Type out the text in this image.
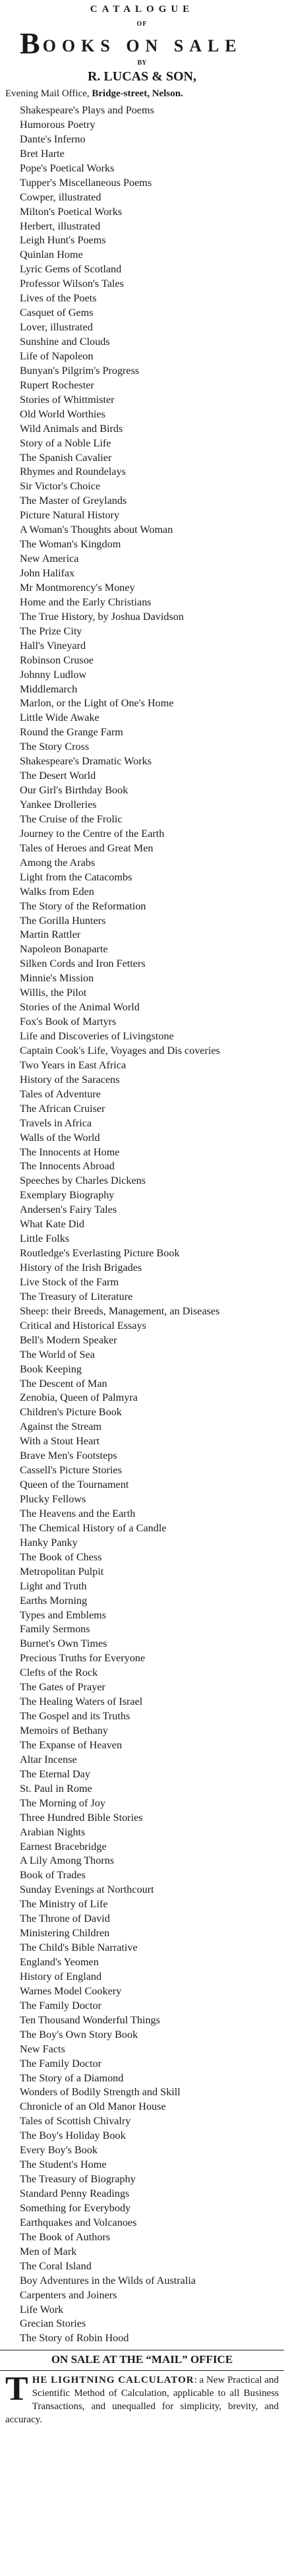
CATALOGUE
OF
B OOKS ON SALE
BY
R. LUCAS & SON,
Evening Mail Office, Bridge-street, Nelson.
Shakespeare's Plays and Poems
Humorous Poetry
Dante's Inferno
Bret Harte
Pope's Poetical Works
Tupper's Miscellaneous Poems
Cowper, illustrated
Milton's Poetical Works
Herbert, illustrated
Leigh Hunt's Poems
Quinlan Home
Lyric Gems of Scotland
Professor Wilson's Tales
Lives of the Poets
Casquet of Gems
Lover, illustrated
Sunshine and Clouds
Life of Napoleon
Bunyan's Pilgrim's Progress
Rupert Rochester
Stories of Whittmister
Old World Worthies
Wild Animals and Birds
Story of a Noble Life
The Spanish Cavalier
Rhymes and Roundelays
Sir Victor's Choice
The Master of Greylands
Picture Natural History
A Woman's Thoughts about Woman
The Woman's Kingdom
New America
John Halifax
Mr Montmorency's Money
Home and the Early Christians
The True History, by Joshua Davidson
The Prize City
Hall's Vineyard
Robinson Crusoe
Johnny Ludlow
Middlemarch
Marlon, or the Light of One's Home
Little Wide Awake
Round the Grange Farm
The Story Cross
Shakespeare's Dramatic Works
The Desert World
Our Girl's Birthday Book
Yankee Drolleries
The Cruise of the Frolic
Journey to the Centre of the Earth
Tales of Heroes and Great Men
Among the Arabs
Light from the Catacombs
Walks from Eden
The Story of the Reformation
The Gorilla Hunters
Martin Rattler
Napoleon Bonaparte
Silken Cords and Iron Fetters
Minnie's Mission
Willis, the Pilot
Stories of the Animal World
Fox's Book of Martyrs
Life and Discoveries of Livingstone
Captain Cook's Life, Voyages and Dis coveries
Two Years in East Africa
History of the Saracens
Tales of Adventure
The African Cruiser
Travels in Africa
Walls of the World
The Innocents at Home
The Innocents Abroad
Speeches by Charles Dickens
Exemplary Biography
Andersen's Fairy Tales
What Kate Did
Little Folks
Routledge's Everlasting Picture Book
History of the Irish Brigades
Live Stock of the Farm
The Treasury of Literature
Sheep: their Breeds, Management, an Diseases
Critical and Historical Essays
Bell's Modern Speaker
The World of Sea
Book Keeping
The Descent of Man
Zenobia, Queen of Palmyra
Children's Picture Book
Against the Stream
With a Stout Heart
Brave Men's Footsteps
Cassell's Picture Stories
Queen of the Tournament
Plucky Fellows
The Heavens and the Earth
The Chemical History of a Candle
Hanky Panky
The Book of Chess
Metropolitan Pulpit
Light and Truth
Earths Morning
Types and Emblems
Family Sermons
Burnet's Own Times
Precious Truths for Everyone
Clefts of the Rock
The Gates of Prayer
The Healing Waters of Israel
The Gospel and its Truths
Memoirs of Bethany
The Expanse of Heaven
Altar Incense
The Eternal Day
St. Paul in Rome
The Morning of Joy
Three Hundred Bible Stories
Arabian Nights
Earnest Bracebridge
A Lily Among Thorns
Book of Trades
Sunday Evenings at Northcourt
The Ministry of Life
The Throne of David
Ministering Children
The Child's Bible Narrative
England's Yeomen
History of England
Warnes Model Cookery
The Family Doctor
Ten Thousand Wonderful Things
The Boy's Own Story Book
New Facts
The Family Doctor
The Story of a Diamond
Wonders of Bodily Strength and Skill
Chronicle of an Old Manor House
Tales of Scottish Chivalry
The Boy's Holiday Book
Every Boy's Book
The Student's Home
The Treasury of Biography
Standard Penny Readings
Something for Everybody
Earthquakes and Volcanoes
The Book of Authors
Men of Mark
The Coral Island
Boy Adventures in the Wilds of Australia
Carpenters and Joiners
Life Work
Grecian Stories
The Story of Robin Hood
ON SALE AT THE “MAIL” OFFICE
THE LIGHTNING CALCULATOR: a New Practical and Scientific Method of Calculation, applicable to all Business Transactions, and unequalled for simplicity, brevity, and accuracy.
